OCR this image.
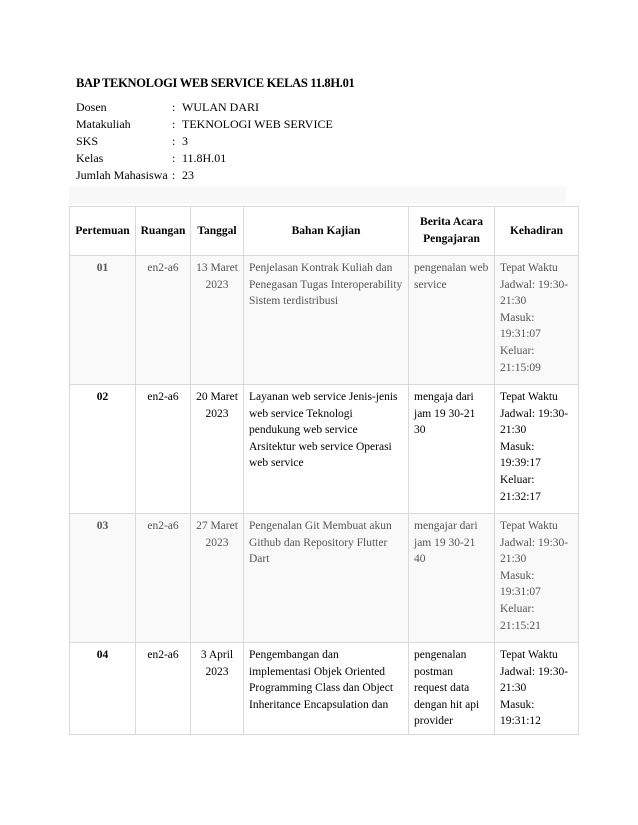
BAP TEKNOLOGI WEB SERVICE KELAS 11.8H.01
Dosen	: WULAN DARI
Matakuliah	: TEKNOLOGI WEB SERVICE
SKS	: 3
Kelas	: 11.8H.01
Jumlah Mahasiswa : 23
Pertemuan	Ruangan	Tanggal	Bahan Kajian	Berita Acara Pengajaran	Kehadiran
01	en2-a6	13 Maret 2023	Penjelasan Kontrak Kuliah dan Penegasan Tugas Interoperability Sistem terdistribusi	pengenalan web service	Tepat Waktu
Jadwal: 19:30-21:30
Masuk: 19:31:07
Keluar: 21:15:09

02	en2-a6	20 Maret 2023	Layanan web service Jenis-jenis web service Teknologi pendukung web service Arsitektur web service Operasi web service	mengaja dari jam 19 30-21 30	Tepat Waktu
Jadwal: 19:30-21:30
Masuk: 19:39:17
Keluar: 21:32:17

03	en2-a6	27 Maret 2023	Pengenalan Git Membuat akun Github dan Repository Flutter Dart	mengajar dari jam 19 30-21 40	Tepat Waktu
Jadwal: 19:30-21:30
Masuk: 19:31:07
Keluar: 21:15:21

04	en2-a6	3 April 2023	Pengembangan dan implementasi Objek Oriented Programming Class dan Object Inheritance Encapsulation dan	pengenalan postman request data dengan hit api provider	Tepat Waktu
Jadwal: 19:30-21:30
Masuk: 19:31:12
